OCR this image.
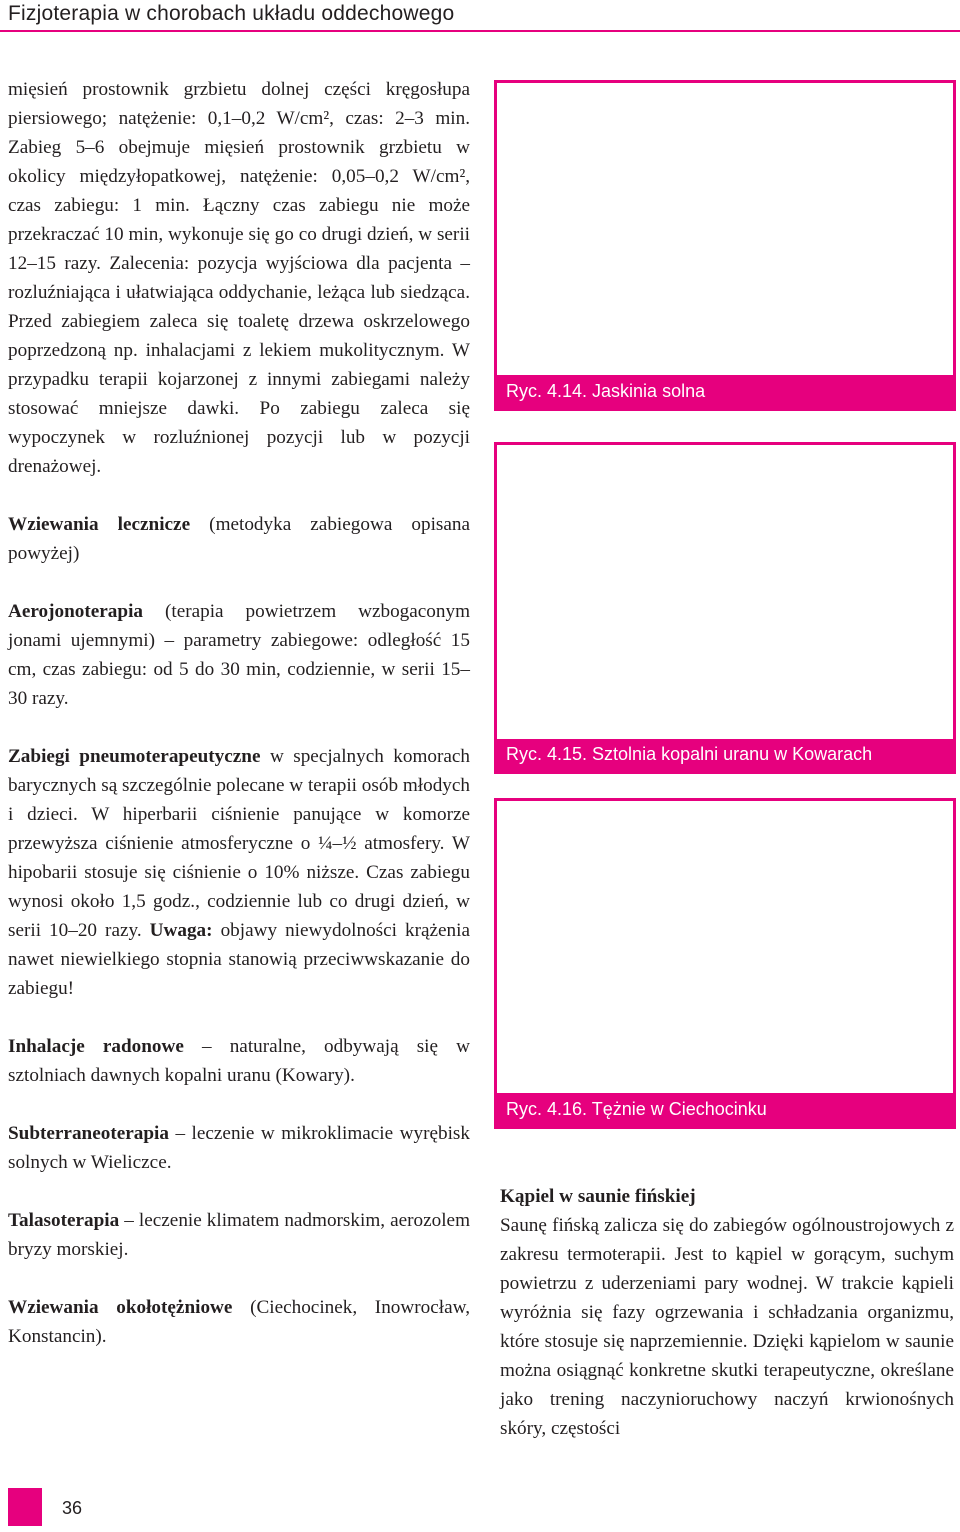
Fizjoterapia w chorobach układu oddechowego

mięsień prostownik grzbietu dolnej części kręgosłupa piersiowego; natężenie: 0,1–0,2 W/cm², czas: 2–3 min. Zabieg 5–6 obejmuje mięsień prostownik grzbietu w okolicy międzyłopatkowej, natężenie: 0,05–0,2 W/cm², czas zabiegu: 1 min. Łączny czas zabiegu nie może przekraczać 10 min, wykonuje się go co drugi dzień, w serii 12–15 razy. Zalecenia: pozycja wyjściowa dla pacjenta – rozluźniająca i ułatwiająca oddychanie, leżąca lub siedząca. Przed zabiegiem zaleca się toaletę drzewa oskrzelowego poprzedzoną np. inhalacjami z lekiem mukolitycznym. W przypadku terapii kojarzonej z innymi zabiegami należy stosować mniejsze dawki. Po zabiegu zaleca się wypoczynek w rozluźnionej pozycji lub w pozycji drenażowej.

Wziewania lecznicze (metodyka zabiegowa opisana powyżej)

Aerojonoterapia (terapia powietrzem wzbogaconym jonami ujemnymi) – parametry zabiegowe: odległość 15 cm, czas zabiegu: od 5 do 30 min, codziennie, w serii 15–30 razy.

Zabiegi pneumoterapeutyczne w specjalnych komorach barycznych są szczególnie polecane w terapii osób młodych i dzieci. W hiperbarii ciśnienie panujące w komorze przewyższa ciśnienie atmosferyczne o ¼–½ atmosfery. W hipobarii stosuje się ciśnienie o 10% niższe. Czas zabiegu wynosi około 1,5 godz., codziennie lub co drugi dzień, w serii 10–20 razy. Uwaga: objawy niewydolności krążenia nawet niewielkiego stopnia stanowią przeciwwskazanie do zabiegu!

Inhalacje radonowe – naturalne, odbywają się w sztolniach dawnych kopalni uranu (Kowary).

Subterraneoterapia – leczenie w mikroklimacie wyrębisk solnych w Wieliczce.

Talasoterapia – leczenie klimatem nadmorskim, aerozolem bryzy morskiej.

Wziewania okołotężniowe (Ciechocinek, Inowrocław, Konstancin).

Ryc. 4.14. Jaskinia solna
Ryc. 4.15. Sztolnia kopalni uranu w Kowarach
Ryc. 4.16. Tężnie w Ciechocinku

Kąpiel w saunie fińskiej

Saunę fińską zalicza się do zabiegów ogólnoustrojowych z zakresu termoterapii. Jest to kąpiel w gorącym, suchym powietrzu z uderzeniami pary wodnej. W trakcie kąpieli wyróżnia się fazy ogrzewania i schładzania organizmu, które stosuje się naprzemiennie. Dzięki kąpielom w saunie można osiągnąć konkretne skutki terapeutyczne, określane jako trening naczynioruchowy naczyń krwionośnych skóry, częstości

36
